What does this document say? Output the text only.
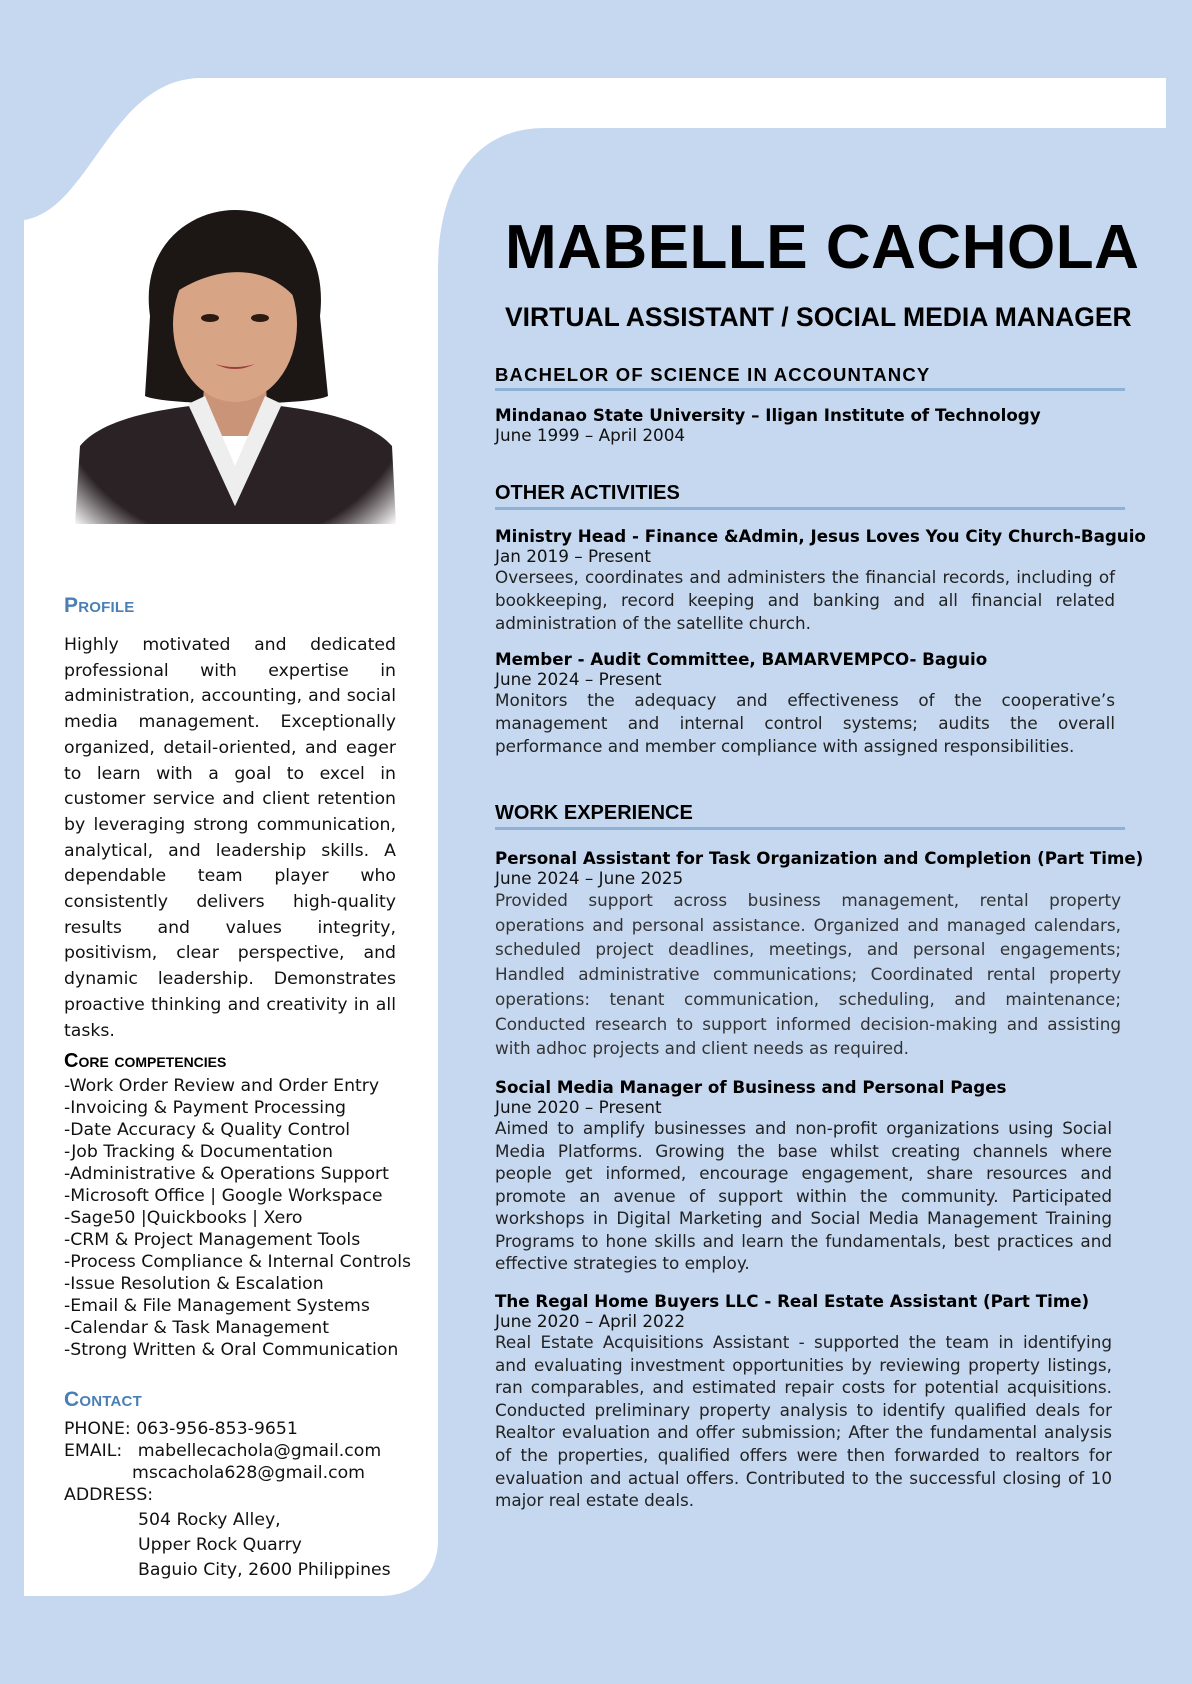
Profile
Highly motivated and dedicated professional with expertise in administration, accounting, and social media management. Exceptionally organized, detail-oriented, and eager to learn with a goal to excel in customer service and client retention by leveraging strong communication, analytical, and leadership skills. A dependable team player who consistently delivers high-quality results and values integrity, positivism, clear perspective, and dynamic leadership. Demonstrates proactive thinking and creativity in all tasks.
Core competencies
-Work Order Review and Order Entry
-Invoicing & Payment Processing
-Date Accuracy & Quality Control
-Job Tracking & Documentation
-Administrative & Operations Support
-Microsoft Office | Google Workspace
-Sage50 |Quickbooks | Xero
-CRM & Project Management Tools
-Process Compliance & Internal Controls
-Issue Resolution & Escalation
-Email & File Management Systems
-Calendar & Task Management
-Strong Written & Oral Communication
Contact
PHONE: 063-956-853-9651
EMAIL: mabellecachola@gmail.com
mscachola628@gmail.com
ADDRESS:
504 Rocky Alley,
Upper Rock Quarry
Baguio City, 2600 Philippines
MABELLE CACHOLA
VIRTUAL ASSISTANT / SOCIAL MEDIA MANAGER
BACHELOR OF SCIENCE IN ACCOUNTANCY
Mindanao State University – Iligan Institute of Technology
June 1999 – April 2004
OTHER ACTIVITIES
Ministry Head - Finance &Admin, Jesus Loves You City Church-Baguio
Jan 2019 – Present
Oversees, coordinates and administers the financial records, including of bookkeeping, record keeping and banking and all financial related administration of the satellite church.
Member - Audit Committee, BAMARVEMPCO- Baguio
June 2024 – Present
Monitors the adequacy and effectiveness of the cooperative’s management and internal control systems; audits the overall performance and member compliance with assigned responsibilities.
WORK EXPERIENCE
Personal Assistant for Task Organization and Completion (Part Time)
June 2024 – June 2025
Provided support across business management, rental property operations and personal assistance. Organized and managed calendars, scheduled project deadlines, meetings, and personal engagements; Handled administrative communications; Coordinated rental property operations: tenant communication, scheduling, and maintenance; Conducted research to support informed decision-making and assisting with adhoc projects and client needs as required.
Social Media Manager of Business and Personal Pages
June 2020 – Present
Aimed to amplify businesses and non-profit organizations using Social Media Platforms. Growing the base whilst creating channels where people get informed, encourage engagement, share resources and promote an avenue of support within the community. Participated workshops in Digital Marketing and Social Media Management Training Programs to hone skills and learn the fundamentals, best practices and effective strategies to employ.
The Regal Home Buyers LLC - Real Estate Assistant (Part Time)
June 2020 – April 2022
Real Estate Acquisitions Assistant - supported the team in identifying and evaluating investment opportunities by reviewing property listings, ran comparables, and estimated repair costs for potential acquisitions. Conducted preliminary property analysis to identify qualified deals for Realtor evaluation and offer submission; After the fundamental analysis of the properties, qualified offers were then forwarded to realtors for evaluation and actual offers. Contributed to the successful closing of 10 major real estate deals.
